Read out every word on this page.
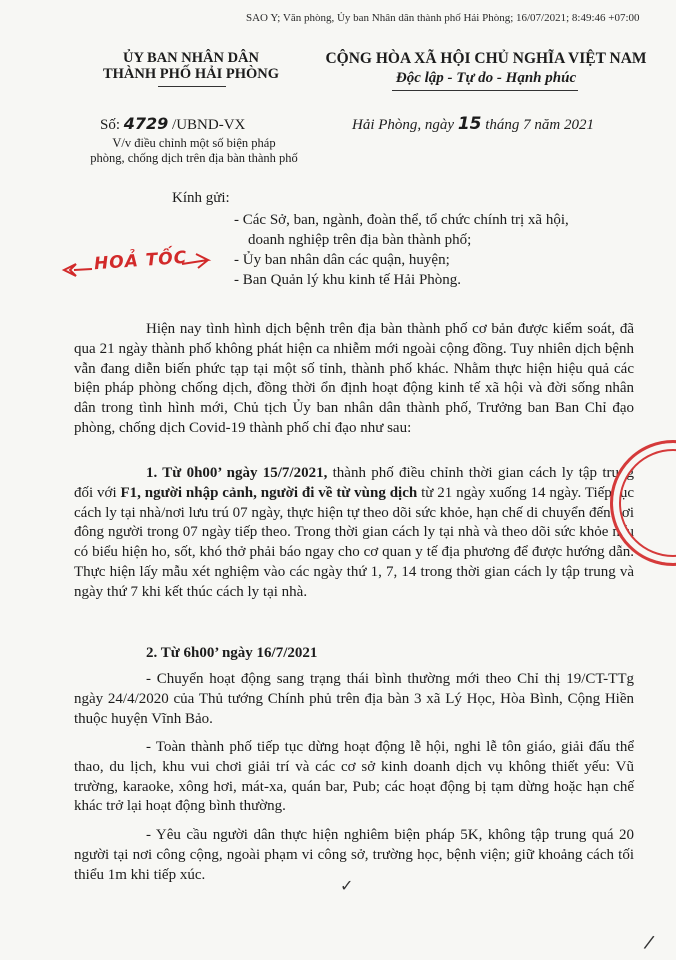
SAO Y; Văn phòng, Ủy ban Nhân dân thành phố Hải Phòng; 16/07/2021; 8:49:46 +07:00
ỦY BAN NHÂN DÂN
THÀNH PHỐ HẢI PHÒNG
CỘNG HÒA XÃ HỘI CHỦ NGHĨA VIỆT NAM
Độc lập - Tự do - Hạnh phúc
Số: 4729 /UBND-VX
V/v điều chỉnh một số biện pháp
phòng, chống dịch trên địa bàn thành phố
Hải Phòng, ngày 15 tháng 7 năm 2021
Kính gửi:
- Các Sở, ban, ngành, đoàn thể, tổ chức chính trị xã hội,
doanh nghiệp trên địa bàn thành phố;
- Ủy ban nhân dân các quận, huyện;
- Ban Quản lý khu kinh tế Hải Phòng.
HOẢ TỐC

Hiện nay tình hình dịch bệnh trên địa bàn thành phố cơ bản được kiểm soát, đã qua 21 ngày thành phố không phát hiện ca nhiễm mới ngoài cộng đồng. Tuy nhiên dịch bệnh vẫn đang diễn biến phức tạp tại một số tỉnh, thành phố khác. Nhằm thực hiện hiệu quả các biện pháp phòng chống dịch, đồng thời ổn định hoạt động kinh tế xã hội và đời sống nhân dân trong tình hình mới, Chủ tịch Ủy ban nhân dân thành phố, Trưởng ban Ban Chỉ đạo phòng, chống dịch Covid-19 thành phố chỉ đạo như sau:

1. Từ 0h00’ ngày 15/7/2021, thành phố điều chỉnh thời gian cách ly tập trung đối với F1, người nhập cảnh, người đi về từ vùng dịch từ 21 ngày xuống 14 ngày. Tiếp tục cách ly tại nhà/nơi lưu trú 07 ngày, thực hiện tự theo dõi sức khỏe, hạn chế di chuyển đến nơi đông người trong 07 ngày tiếp theo. Trong thời gian cách ly tại nhà và theo dõi sức khỏe nếu có biểu hiện ho, sốt, khó thở phải báo ngay cho cơ quan y tế địa phương để được hướng dẫn. Thực hiện lấy mẫu xét nghiệm vào các ngày thứ 1, 7, 14 trong thời gian cách ly tập trung và ngày thứ 7 khi kết thúc cách ly tại nhà.

2. Từ 6h00’ ngày 16/7/2021

- Chuyển hoạt động sang trạng thái bình thường mới theo Chỉ thị 19/CT-TTg ngày 24/4/2020 của Thủ tướng Chính phủ trên địa bàn 3 xã Lý Học, Hòa Bình, Cộng Hiền thuộc huyện Vĩnh Bảo.

- Toàn thành phố tiếp tục dừng hoạt động lễ hội, nghi lễ tôn giáo, giải đấu thể thao, du lịch, khu vui chơi giải trí và các cơ sở kinh doanh dịch vụ không thiết yếu: Vũ trường, karaoke, xông hơi, mát-xa, quán bar, Pub; các hoạt động bị tạm dừng hoặc hạn chế khác trở lại hoạt động bình thường.

- Yêu cầu người dân thực hiện nghiêm biện pháp 5K, không tập trung quá 20 người tại nơi công cộng, ngoài phạm vi công sở, trường học, bệnh viện; giữ khoảng cách tối thiểu 1m khi tiếp xúc.

✓
/
